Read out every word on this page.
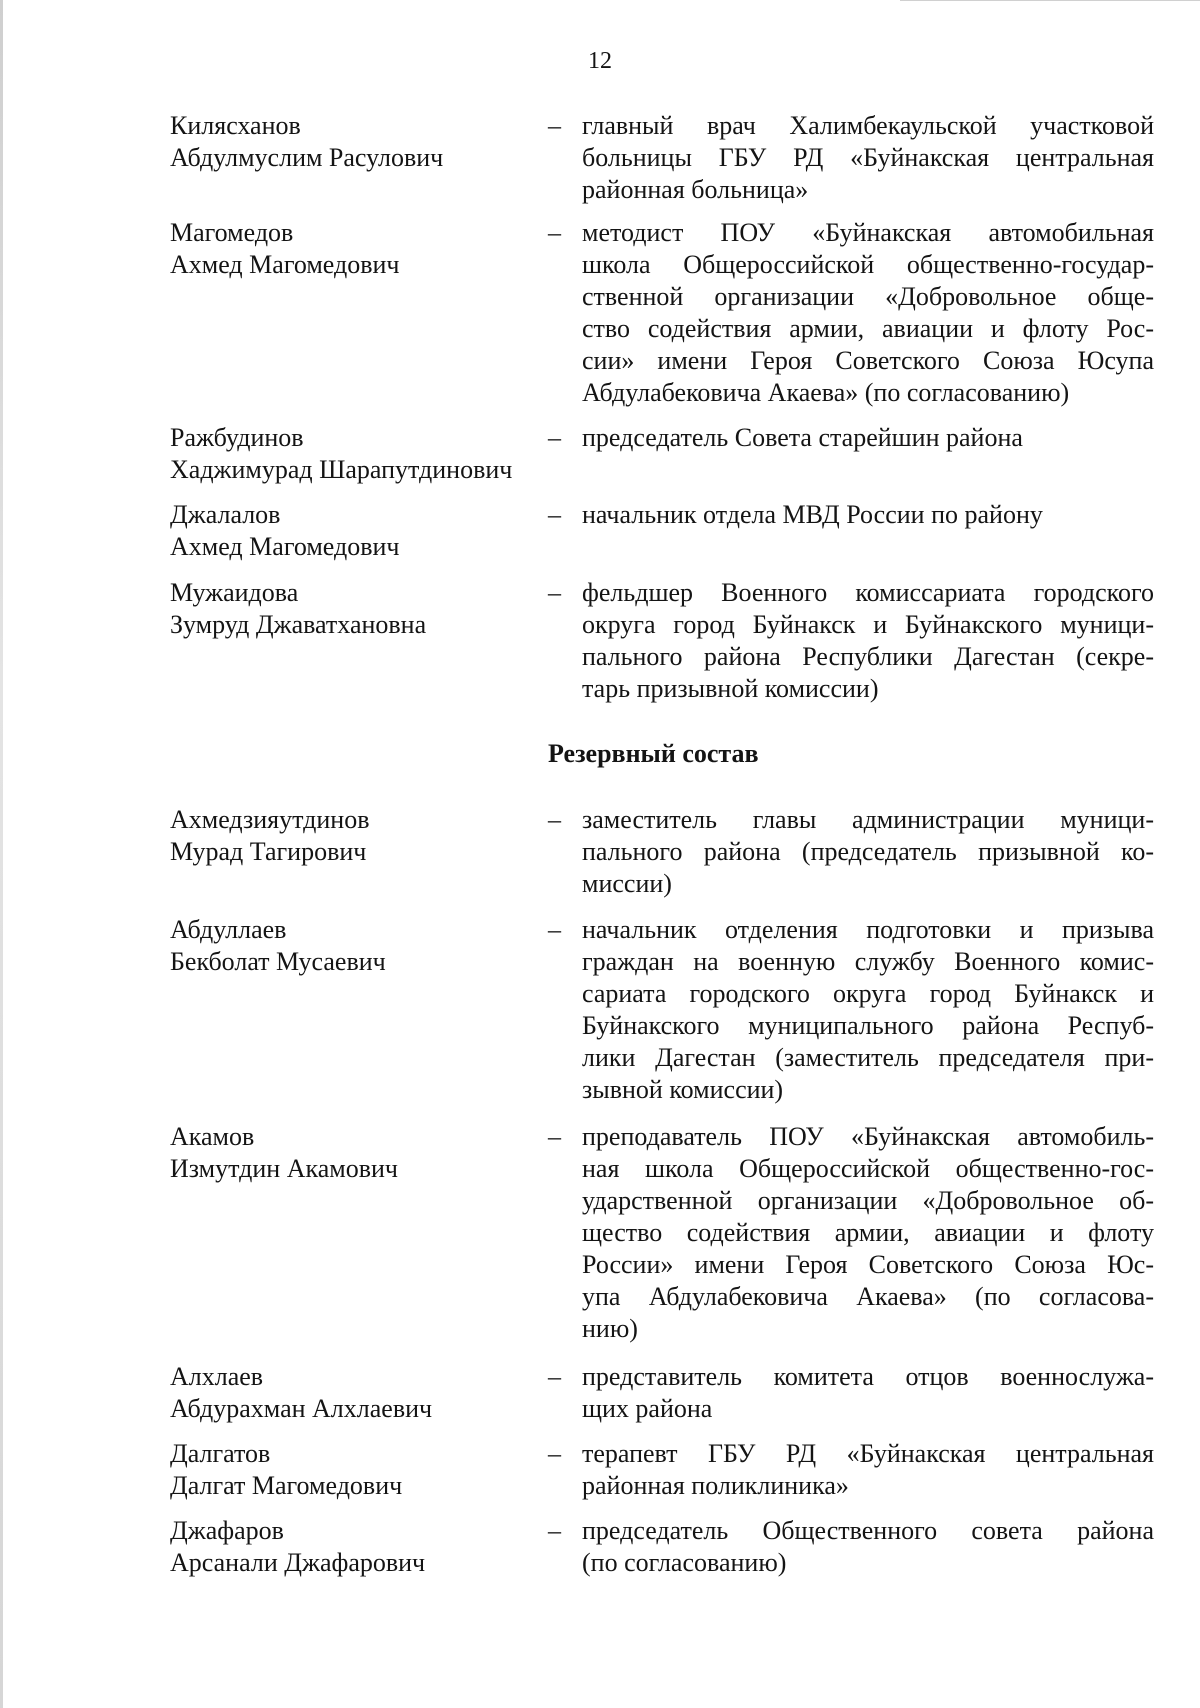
12
Килясханов
Абдулмуслим Расулович
– главный врач Халимбекаульской участковой
больницы ГБУ РД «Буйнакская центральная
районная больница»
Магомедов
Ахмед Магомедович
– методист ПОУ «Буйнакская автомобильная
школа Общероссийской общественно-государ-
ственной организации «Добровольное обще-
ство содействия армии, авиации и флоту Рос-
сии» имени Героя Советского Союза Юсупа
Абдулабековича Акаева» (по согласованию)
Ражбудинов
Хаджимурад Шарапутдинович
– председатель Совета старейшин района
Джалалов
Ахмед Магомедович
– начальник отдела МВД России по району
Мужаидова
Зумруд Джаватхановна
– фельдшер Военного комиссариата городского
округа город Буйнакск и Буйнакского муници-
пального района Республики Дагестан (секре-
тарь призывной комиссии)
Резервный состав
Ахмедзияутдинов
Мурад Тагирович
– заместитель главы администрации муници-
пального района (председатель призывной ко-
миссии)
Абдуллаев
Бекболат Мусаевич
– начальник отделения подготовки и призыва
граждан на военную службу Военного комис-
сариата городского округа город Буйнакск и
Буйнакского муниципального района Респуб-
лики Дагестан (заместитель председателя при-
зывной комиссии)
Акамов
Измутдин Акамович
– преподаватель ПОУ «Буйнакская автомобиль-
ная школа Общероссийской общественно-гос-
ударственной организации «Добровольное об-
щество содействия армии, авиации и флоту
России» имени Героя Советского Союза Юс-
упа Абдулабековича Акаева» (по согласова-
нию)
Алхлаев
Абдурахман Алхлаевич
– представитель комитета отцов военнослужа-
щих района
Далгатов
Далгат Магомедович
– терапевт ГБУ РД «Буйнакская центральная
районная поликлиника»
Джафаров
Арсанали Джафарович
– председатель Общественного совета района
(по согласованию)
